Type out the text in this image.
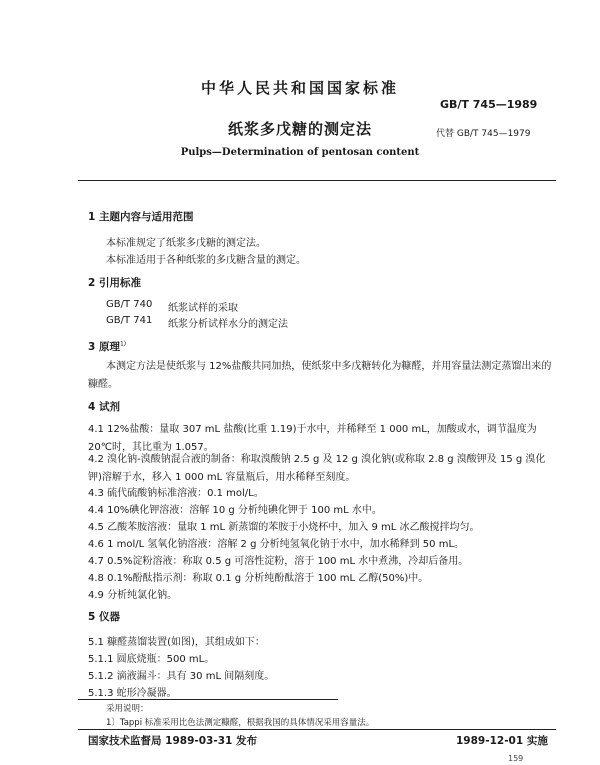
中华人民共和国国家标准
GB/T 745—1989
纸浆多戊糖的测定法	代替 GB/T 745—1979
Pulps—Determination of pentosan content
1 主题内容与适用范围
本标准规定了纸浆多戊糖的测定法。
本标准适用于各种纸浆的多戊糖含量的测定。
2 引用标准
GB/T 740 纸浆试样的采取
GB/T 741 纸浆分析试样水分的测定法
3 原理$^{1)}$
本测定方法是使纸浆与 12%盐酸共同加热，使纸浆中多戊糖转化为糠醛，并用容量法测定蒸馏出来的糠醛。
4 试剂
4.1 12%盐酸：量取 307 mL 盐酸(比重 1.19)于水中，并稀释至 1 000 mL，加酸或水，调节温度为 20℃时，其比重为 1.057。
4.2 溴化钠-溴酸钠混合液的制备：称取溴酸钠 2.5 g 及 12 g 溴化钠(或称取 2.8 g 溴酸钾及 15 g 溴化钾)溶解于水，移入 1 000 mL 容量瓶后，用水稀释至刻度。
4.3 硫代硫酸钠标准溶液：0.1 mol/L。
4.4 10%碘化钾溶液：溶解 10 g 分析纯碘化钾于 100 mL 水中。
4.5 乙酸苯胺溶液：量取 1 mL 新蒸馏的苯胺于小烧杯中，加入 9 mL 冰乙酸搅拌均匀。
4.6 1 mol/L 氢氧化钠溶液：溶解 2 g 分析纯氢氧化钠于水中，加水稀释到 50 mL。
4.7 0.5%淀粉溶液：称取 0.5 g 可溶性淀粉，溶于 100 mL 水中煮沸，冷却后备用。
4.8 0.1%酚酞指示剂：称取 0.1 g 分析纯酚酞溶于 100 mL 乙醇(50%)中。
4.9 分析纯氯化钠。
5 仪器
5.1 糠醛蒸馏装置(如图)，其组成如下：
5.1.1 圆底烧瓶：500 mL。
5.1.2 滴液漏斗：具有 30 mL 间隔刻度。
5.1.3 蛇形冷凝器。
采用说明：
1〕Tappi 标准采用比色法测定糠醛，根据我国的具体情况采用容量法。
国家技术监督局 1989-03-31 发布	1989-12-01 实施
159
